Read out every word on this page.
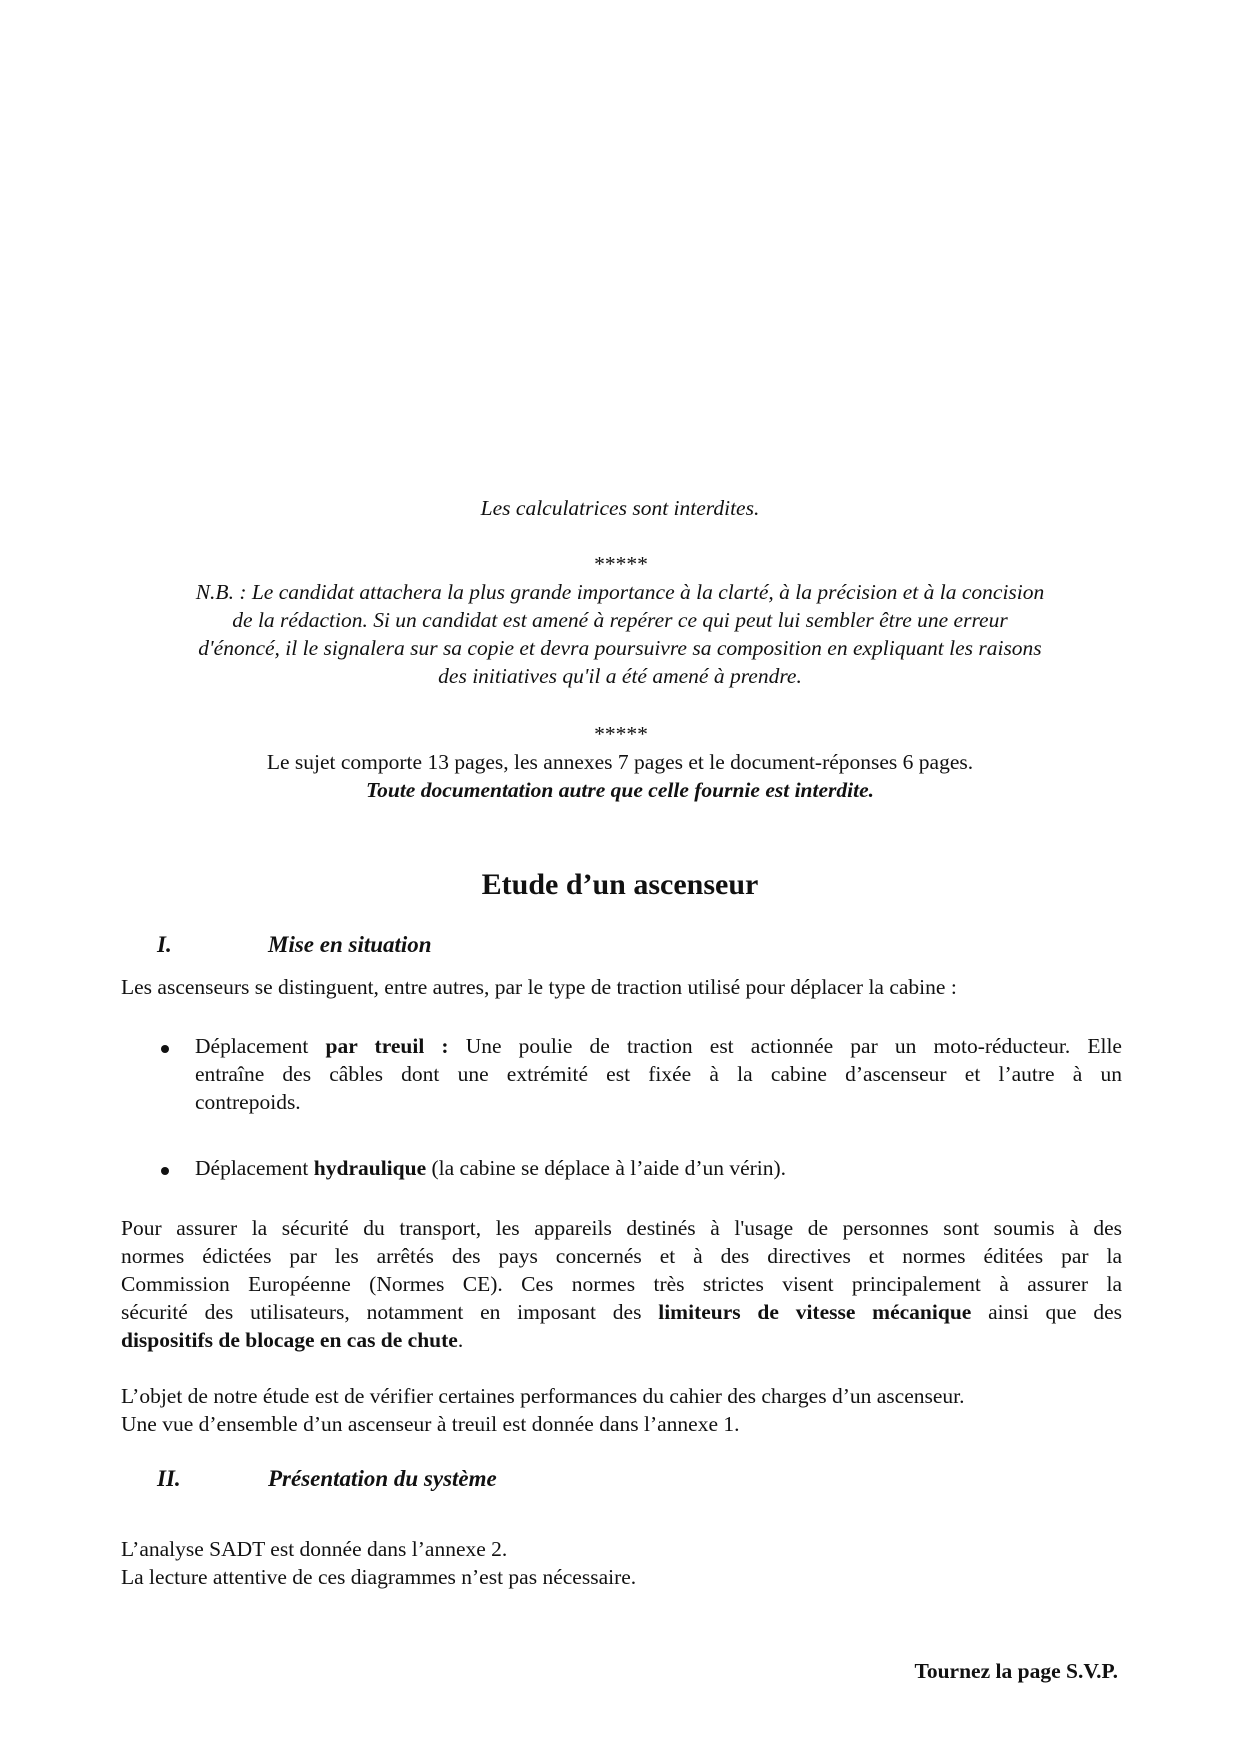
Les calculatrices sont interdites.
*****
N.B. : Le candidat attachera la plus grande importance à la clarté, à la précision et à la concision
de la rédaction. Si un candidat est amené à repérer ce qui peut lui sembler être une erreur
d'énoncé, il le signalera sur sa copie et devra poursuivre sa composition en expliquant les raisons
des initiatives qu'il a été amené à prendre.
*****
Le sujet comporte 13 pages, les annexes 7 pages et le document-réponses 6 pages.
Toute documentation autre que celle fournie est interdite.
Etude d’un ascenseur
I.	Mise en situation
Les ascenseurs se distinguent, entre autres, par le type de traction utilisé pour déplacer la cabine :
Déplacement par treuil : Une poulie de traction est actionnée par un moto-réducteur. Elle
entraîne des câbles dont une extrémité est fixée à la cabine d’ascenseur et l’autre à un
contrepoids.
Déplacement hydraulique (la cabine se déplace à l’aide d’un vérin).
Pour assurer la sécurité du transport, les appareils destinés à l'usage de personnes sont soumis à des
normes édictées par les arrêtés des pays concernés et à des directives et normes éditées par la
Commission Européenne (Normes CE). Ces normes très strictes visent principalement à assurer la
sécurité des utilisateurs, notamment en imposant des limiteurs de vitesse mécanique ainsi que des
dispositifs de blocage en cas de chute.
L’objet de notre étude est de vérifier certaines performances du cahier des charges d’un ascenseur.
Une vue d’ensemble d’un ascenseur à treuil est donnée dans l’annexe 1.
II.	Présentation du système
L’analyse SADT est donnée dans l’annexe 2.
La lecture attentive de ces diagrammes n’est pas nécessaire.
Tournez la page S.V.P.
